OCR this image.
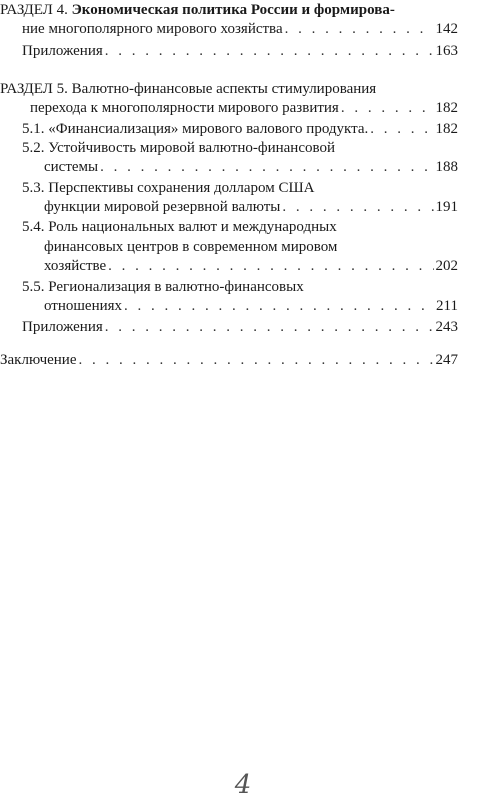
РАЗДЕЛ 4. Экономическая политика России и формирова-
ние многополярного мирового хозяйства . . .	142
Приложения . . .	163
РАЗДЕЛ 5. Валютно-финансовые аспекты стимулирования
перехода к многополярности мирового развития . . .	182
5.1. «Финансиализация» мирового валового продукта. . . .	182
5.2. Устойчивость мировой валютно-финансовой
системы . . .	188
5.3. Перспективы сохранения долларом США
функции мировой резервной валюты . . .	191
5.4. Роль национальных валют и международных
финансовых центров в современном мировом
хозяйстве . . .	202
5.5. Регионализация в валютно-финансовых
отношениях . . .	211
Приложения . . .	243
Заключение . . .	247
4
